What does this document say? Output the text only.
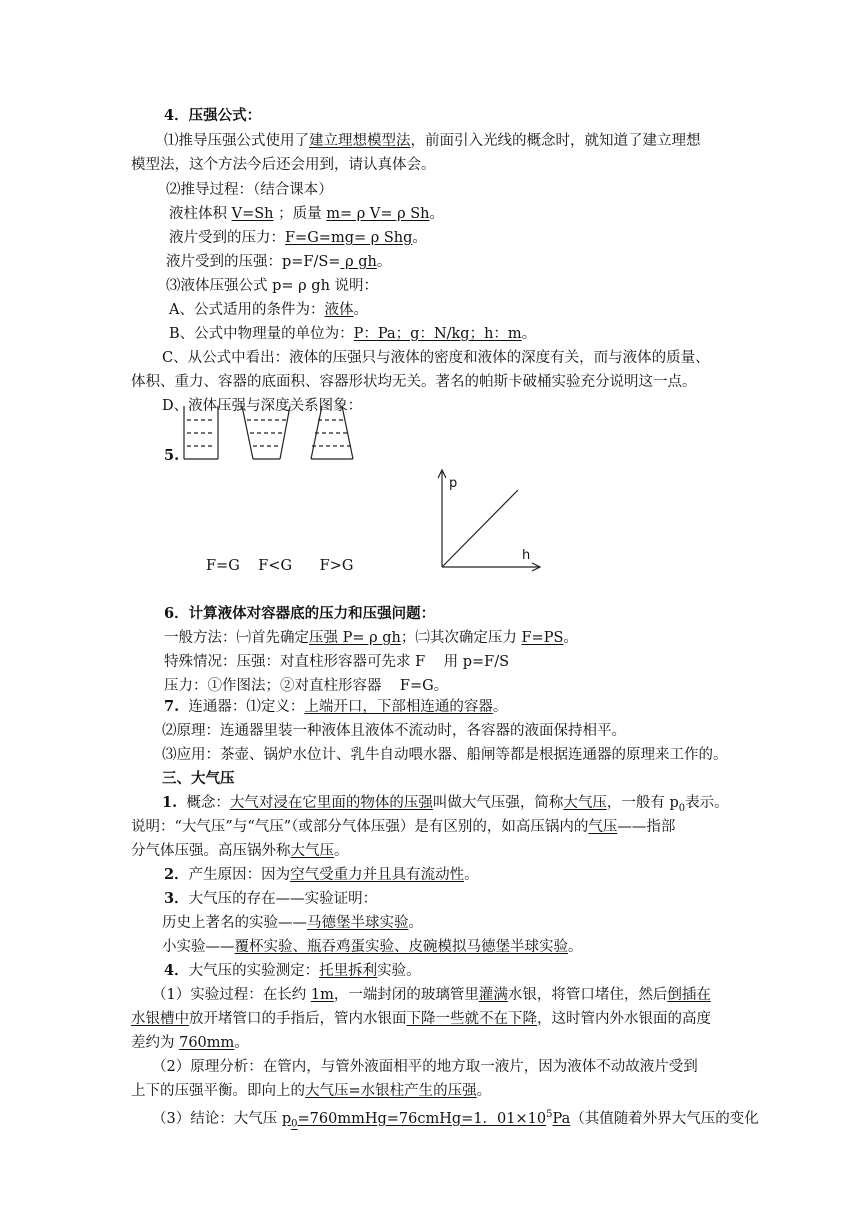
4．压强公式：
⑴推导压强公式使用了建立理想模型法，前面引入光线的概念时，就知道了建立理想
模型法，这个方法今后还会用到，请认真体会。
⑵推导过程：（结合课本）
液柱体积 V=Sh ；质量 m= ρ V= ρ Sh。
液片受到的压力：F=G=mg= ρ Shg。
液片受到的压强：p=F/S= ρ gh。
⑶液体压强公式 p= ρ gh 说明：
A、公式适用的条件为：液体。
B、公式中物理量的单位为：P：Pa；g：N/kg；h：m。
C、从公式中看出：液体的压强只与液体的密度和液体的深度有关，而与液体的质量、
体积、重力、容器的底面积、容器形状均无关。著名的帕斯卡破桶实验充分说明这一点。
D、液体压强与深度关系图象：
5.
p
h
F=G    F<G      F>G
6．计算液体对容器底的压力和压强问题：
一般方法：㈠首先确定压强 P= ρ gh；㈡其次确定压力 F=PS。
特殊情况：压强：对直柱形容器可先求 F    用 p=F/S
压力：①作图法；②对直柱形容器    F=G。
7.  连通器：⑴定义：上端开口，下部相连通的容器。
⑵原理：连通器里装一种液体且液体不流动时，各容器的液面保持相平。
⑶应用：茶壶、锅炉水位计、乳牛自动喂水器、船闸等都是根据连通器的原理来工作的。
三、大气压
1.  概念：大气对浸在它里面的物体的压强叫做大气压强，简称大气压，一般有 $p_0$表示。
说明：“大气压”与“气压”（或部分气体压强）是有区别的，如高压锅内的气压——指部
分气体压强。高压锅外称大气压。
2．产生原因：因为空气受重力并且具有流动性。
3．大气压的存在——实验证明：
历史上著名的实验——马德堡半球实验。
小实验——覆杯实验、瓶吞鸡蛋实验、皮碗模拟马德堡半球实验。
4．大气压的实验测定：托里拆利实验。
（1）实验过程：在长约 1m，一端封闭的玻璃管里灌满水银，将管口堵住，然后倒插在
水银槽中放开堵管口的手指后，管内水银面下降一些就不在下降，这时管内外水银面的高度
差约为 760mm。
（2）原理分析：在管内，与管外液面相平的地方取一液片，因为液体不动故液片受到
上下的压强平衡。即向上的大气压=水银柱产生的压强。
（3）结论：大气压 $p_0=760mmHg=76cmHg=1$．$01\times 10^5Pa$（其值随着外界大气压的变化
